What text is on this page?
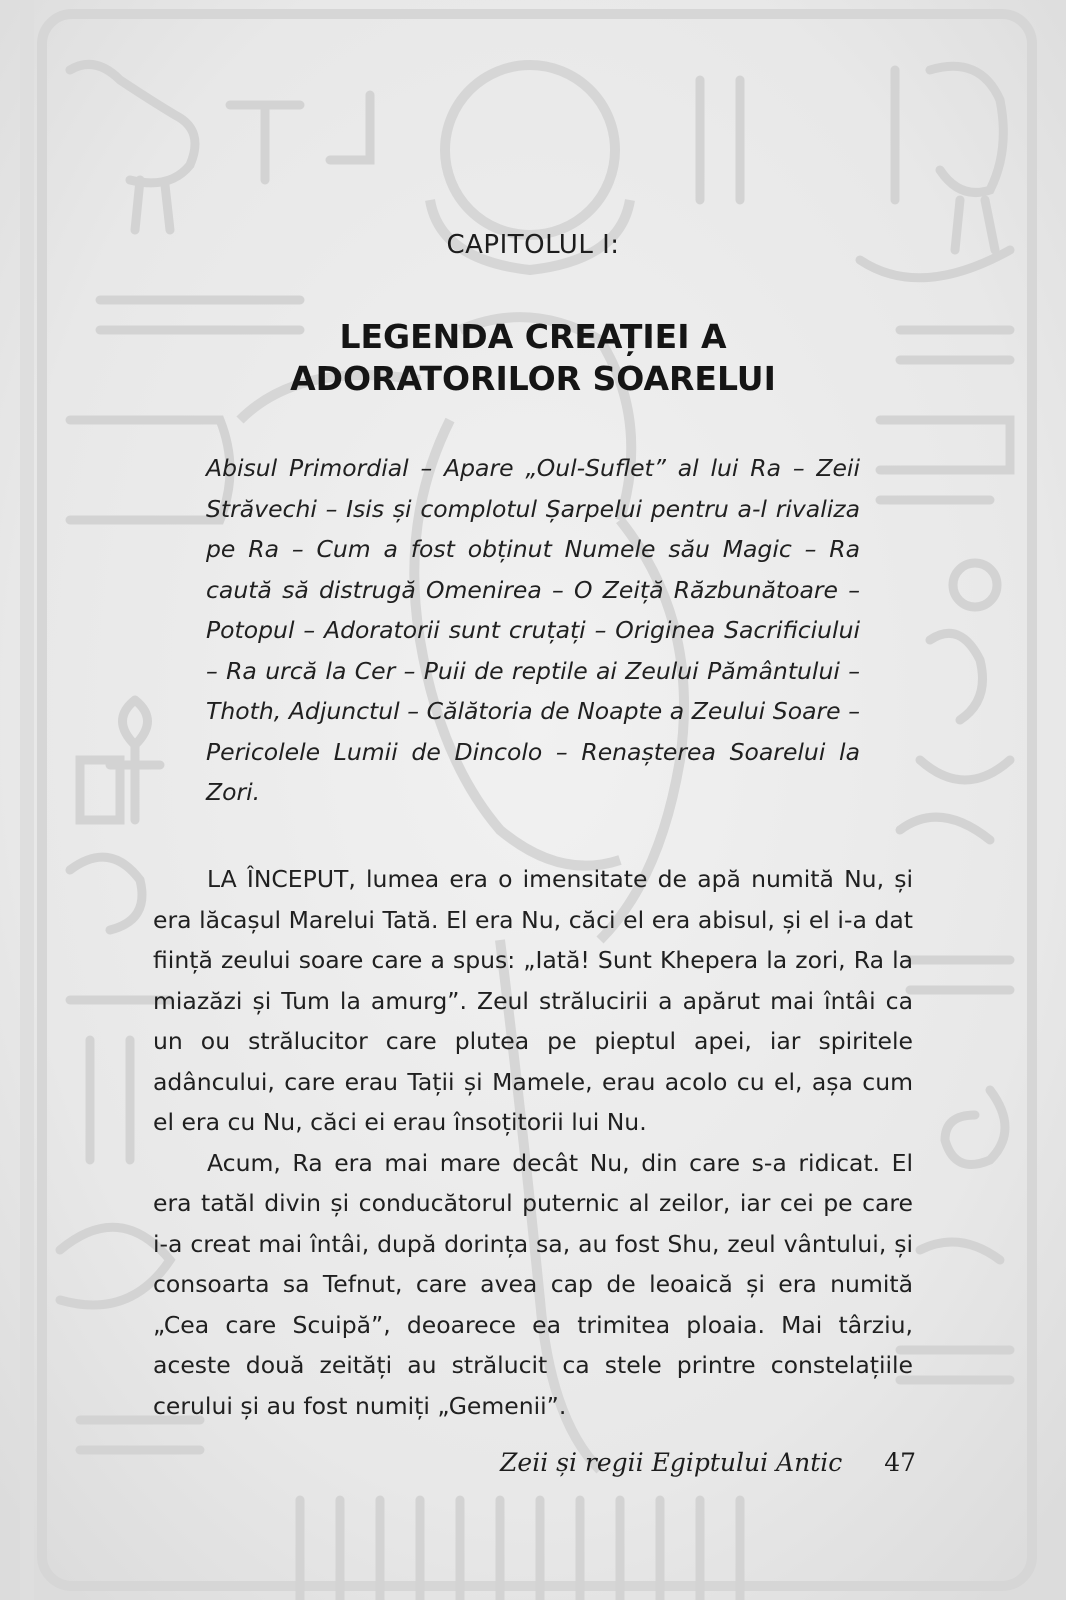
CAPITOLUL I:
LEGENDA CREAȚIEI A
ADORATORILOR SOARELUI

Abisul Primordial – Apare „Oul-Suflet” al lui Ra – Zeii Străvechi – Isis și complotul Șarpelui pentru a-l rivaliza pe Ra – Cum a fost obținut Numele său Magic – Ra caută să distrugă Omenirea – O Zeiță Răzbunătoare – Potopul – Adoratorii sunt cruțați – Originea Sacrificiului – Ra urcă la Cer – Puii de reptile ai Zeului Pământului – Thoth, Adjunctul – Călătoria de Noapte a Zeului Soare – Pericolele Lumii de Dincolo – Renașterea Soarelui la Zori.

LA ÎNCEPUT, lumea era o imensitate de apă numită Nu, și era lăcașul Marelui Tată. El era Nu, căci el era abisul, și el i-a dat ființă zeului soare care a spus: „Iată! Sunt Khepera la zori, Ra la miazăzi și Tum la amurg”. Zeul strălucirii a apărut mai întâi ca un ou strălucitor care plutea pe pieptul apei, iar spiritele adâncului, care erau Tații și Mamele, erau acolo cu el, așa cum el era cu Nu, căci ei erau însoțitorii lui Nu.

Acum, Ra era mai mare decât Nu, din care s-a ridicat. El era tatăl divin și conducătorul puternic al zeilor, iar cei pe care i-a creat mai întâi, după dorința sa, au fost Shu, zeul vântului, și consoarta sa Tefnut, care avea cap de leoaică și era numită „Cea care Scuipă”, deoarece ea trimitea ploaia. Mai târziu, aceste două zeități au strălucit ca stele printre constelațiile cerului și au fost numiți „Gemenii”.

Zeii și regii Egiptului Antic 47
